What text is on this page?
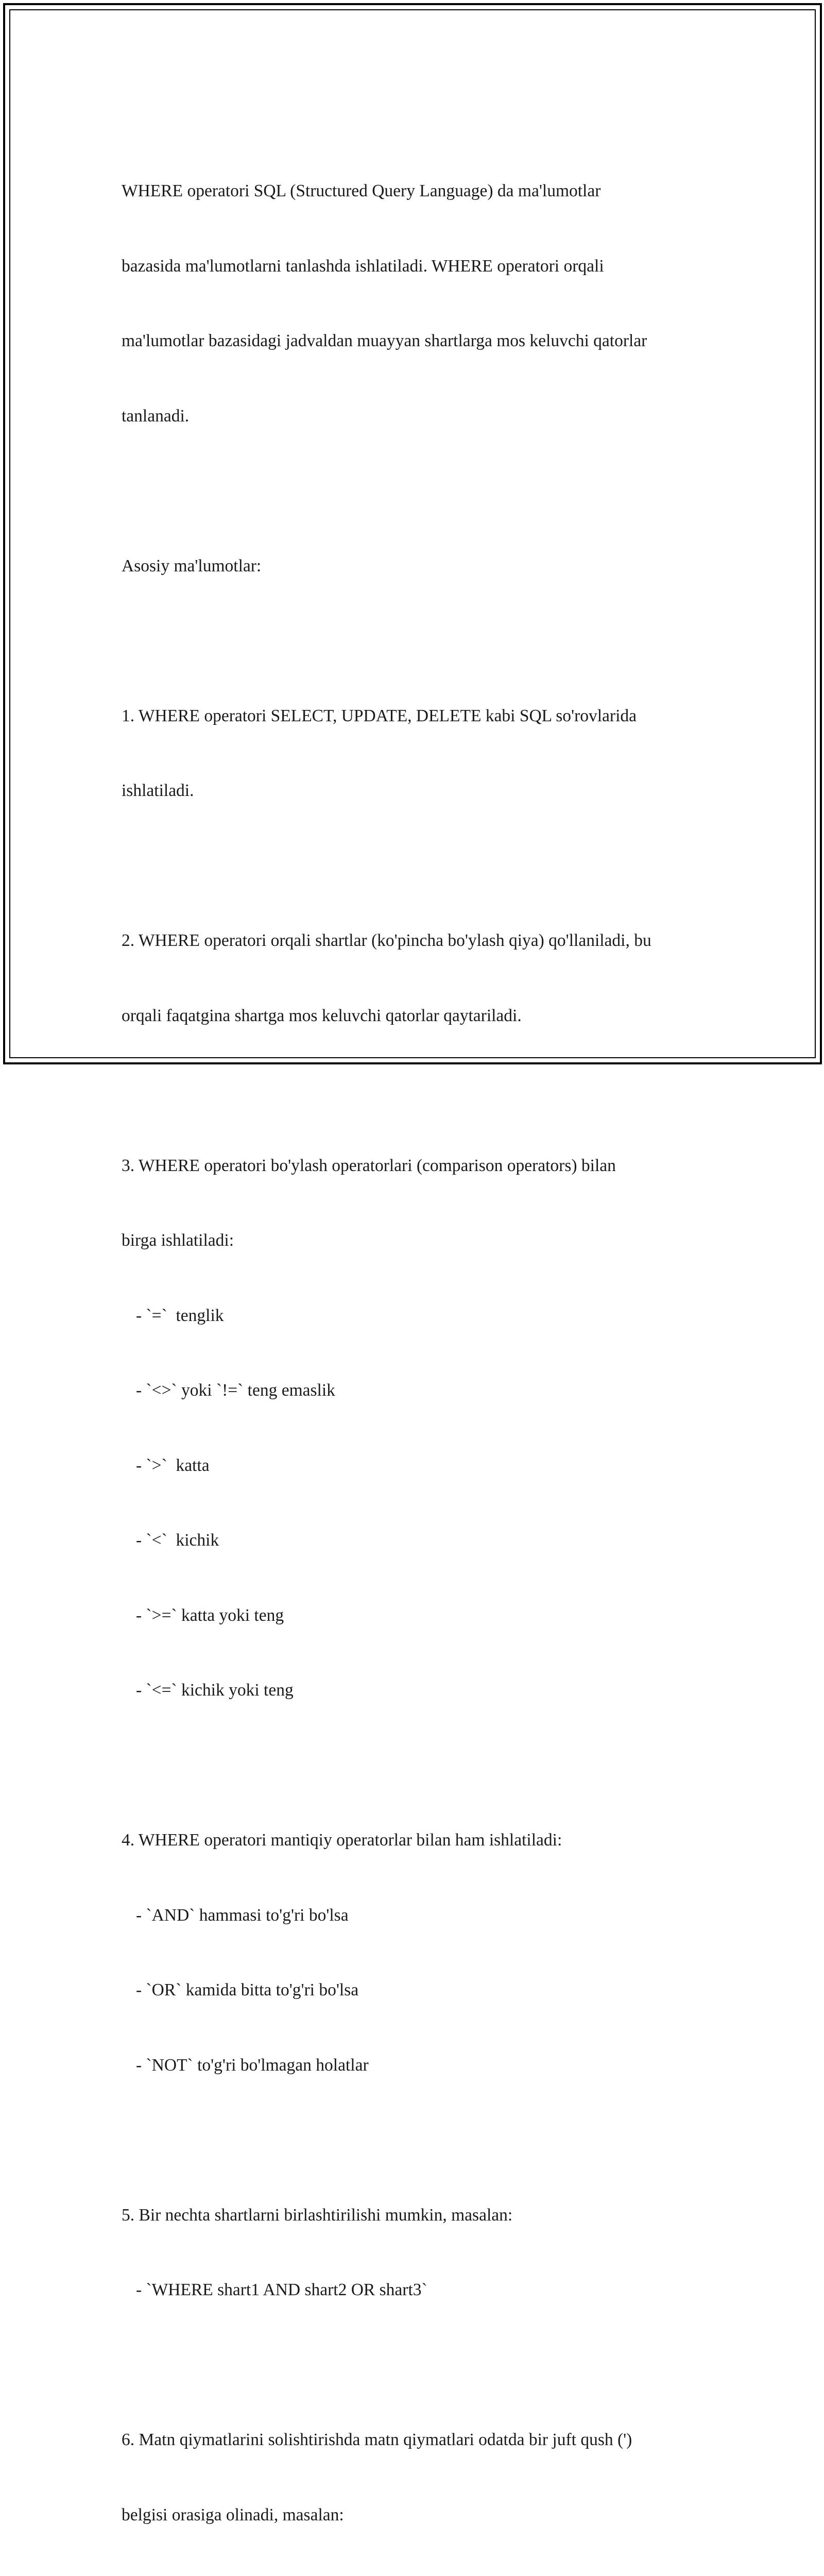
WHERE operatori SQL (Structured Query Language) da ma'lumotlar

bazasida ma'lumotlarni tanlashda ishlatiladi. WHERE operatori orqali

ma'lumotlar bazasidagi jadvaldan muayyan shartlarga mos keluvchi qatorlar

tanlanadi.

Asosiy ma'lumotlar:

1. WHERE operatori SELECT, UPDATE, DELETE kabi SQL so'rovlarida

ishlatiladi.

2. WHERE operatori orqali shartlar (ko'pincha bo'ylash qiya) qo'llaniladi, bu

orqali faqatgina shartga mos keluvchi qatorlar qaytariladi.

3. WHERE operatori bo'ylash operatorlari (comparison operators) bilan

birga ishlatiladi:

- `=`  tenglik

- `<>` yoki `!=` teng emaslik

- `>`  katta

- `<`  kichik

- `>=` katta yoki teng

- `<=` kichik yoki teng

4. WHERE operatori mantiqiy operatorlar bilan ham ishlatiladi:

- `AND` hammasi to'g'ri bo'lsa

- `OR` kamida bitta to'g'ri bo'lsa

- `NOT` to'g'ri bo'lmagan holatlar

5. Bir nechta shartlarni birlashtirilishi mumkin, masalan:

- `WHERE shart1 AND shart2 OR shart3`

6. Matn qiymatlarini solishtirishda matn qiymatlari odatda bir juft qush (')

belgisi orasiga olinadi, masalan:
